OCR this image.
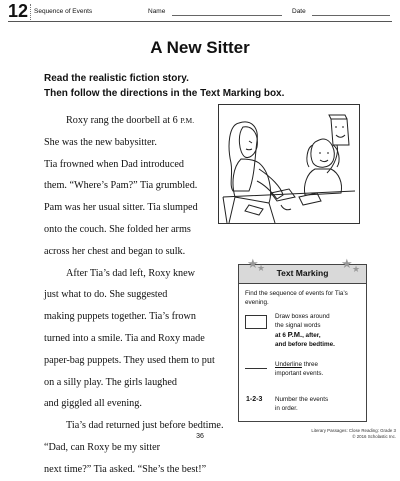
12 Sequence of Events	Name	Date
A New Sitter
Read the realistic fiction story.
Then follow the directions in the Text Marking box.
Roxy rang the doorbell at 6 P.M.
She was the new babysitter.
Tia frowned when Dad introduced
them. “Where’s Pam?” Tia grumbled.
Pam was her usual sitter. Tia slumped
onto the couch. She folded her arms
across her chest and began to sulk.
After Tia’s dad left, Roxy knew
just what to do. She suggested
making puppets together. Tia’s frown
turned into a smile. Tia and Roxy made
paper-bag puppets. They used them to put
on a silly play. The girls laughed
and giggled all evening.
Tia’s dad returned just before bedtime.
“Dad, can Roxy be my sitter
next time?” Tia asked. “She’s the best!”
Text Marking
★
★	★ ★
Find the sequence of events for Tia’s evening.
Draw boxes around
the signal words
at 6 P.M., after,
and before bedtime.
Underline three
important events.
1-2-3 Number the events
in order.
36
Literary Passages: Close Reading: Grade 3
© 2016 Scholastic Inc.
